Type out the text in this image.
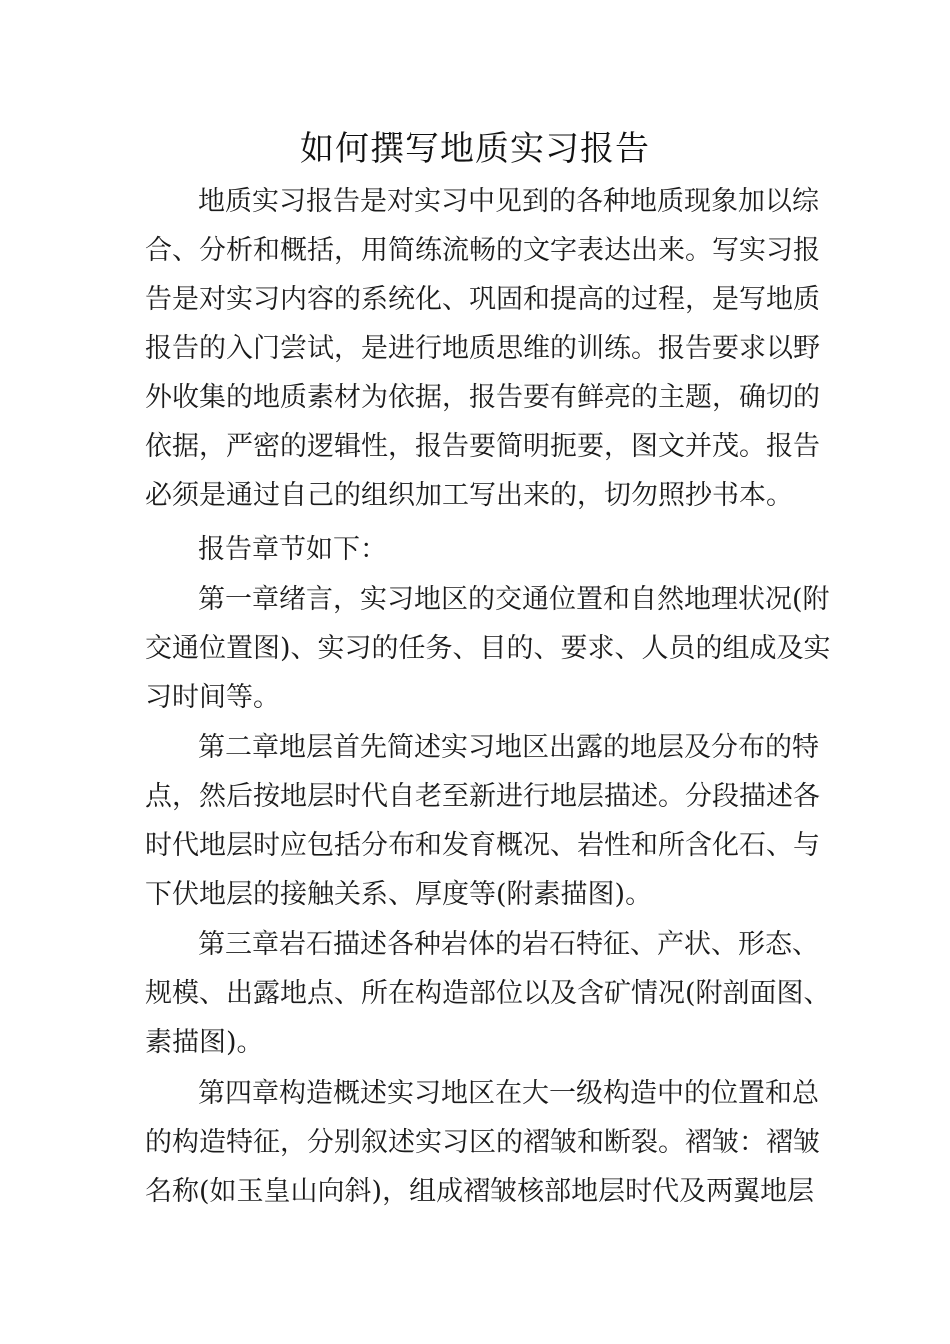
如何撰写地质实习报告

地质实习报告是对实习中见到的各种地质现象加以综

合、分析和概括，用简练流畅的文字表达出来。写实习报

告是对实习内容的系统化、巩固和提高的过程，是写地质

报告的入门尝试，是进行地质思维的训练。报告要求以野

外收集的地质素材为依据，报告要有鲜亮的主题，确切的

依据，严密的逻辑性，报告要简明扼要，图文并茂。报告

必须是通过自己的组织加工写出来的，切勿照抄书本。

报告章节如下：

第一章绪言，实习地区的交通位置和自然地理状况(附

交通位置图)、实习的任务、目的、要求、人员的组成及实

习时间等。

第二章地层首先简述实习地区出露的地层及分布的特

点，然后按地层时代自老至新进行地层描述。分段描述各

时代地层时应包括分布和发育概况、岩性和所含化石、与

下伏地层的接触关系、厚度等(附素描图)。

第三章岩石描述各种岩体的岩石特征、产状、形态、

规模、出露地点、所在构造部位以及含矿情况(附剖面图、

素描图)。

第四章构造概述实习地区在大一级构造中的位置和总

的构造特征，分别叙述实习区的褶皱和断裂。褶皱：褶皱

名称(如玉皇山向斜)，组成褶皱核部地层时代及两翼地层
